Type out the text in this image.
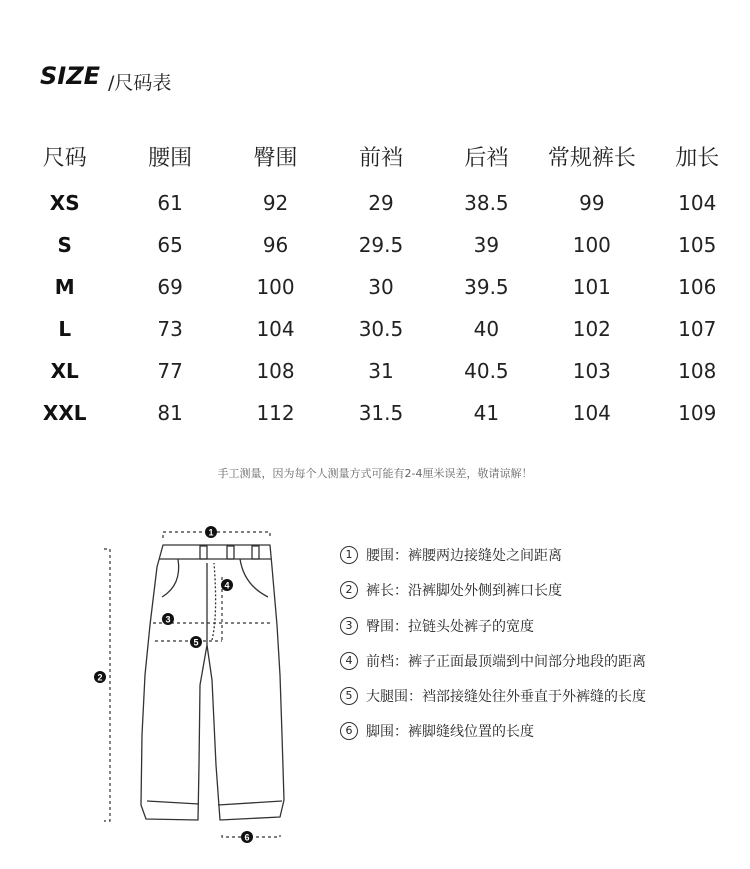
SIZE /尺码表
尺码	腰围	臀围	前裆	后裆	常规裤长	加长
XS	61	92	29	38.5	99	104
S	65	96	29.5	39	100	105
M	69	100	30	39.5	101	106
L	73	104	30.5	40	102	107
XL	77	108	31	40.5	103	108
XXL	81	112	31.5	41	104	109
手工测量，因为每个人测量方式可能有2-4厘米误差，敬请谅解！
1
2
3
4
5
6
1 腰围：裤腰两边接缝处之间距离
2 裤长：沿裤脚处外侧到裤口长度
3 臀围：拉链头处裤子的宽度
4 前档：裤子正面最顶端到中间部分地段的距离
5 大腿围：裆部接缝处往外垂直于外裤缝的长度
6 脚围：裤脚缝线位置的长度
